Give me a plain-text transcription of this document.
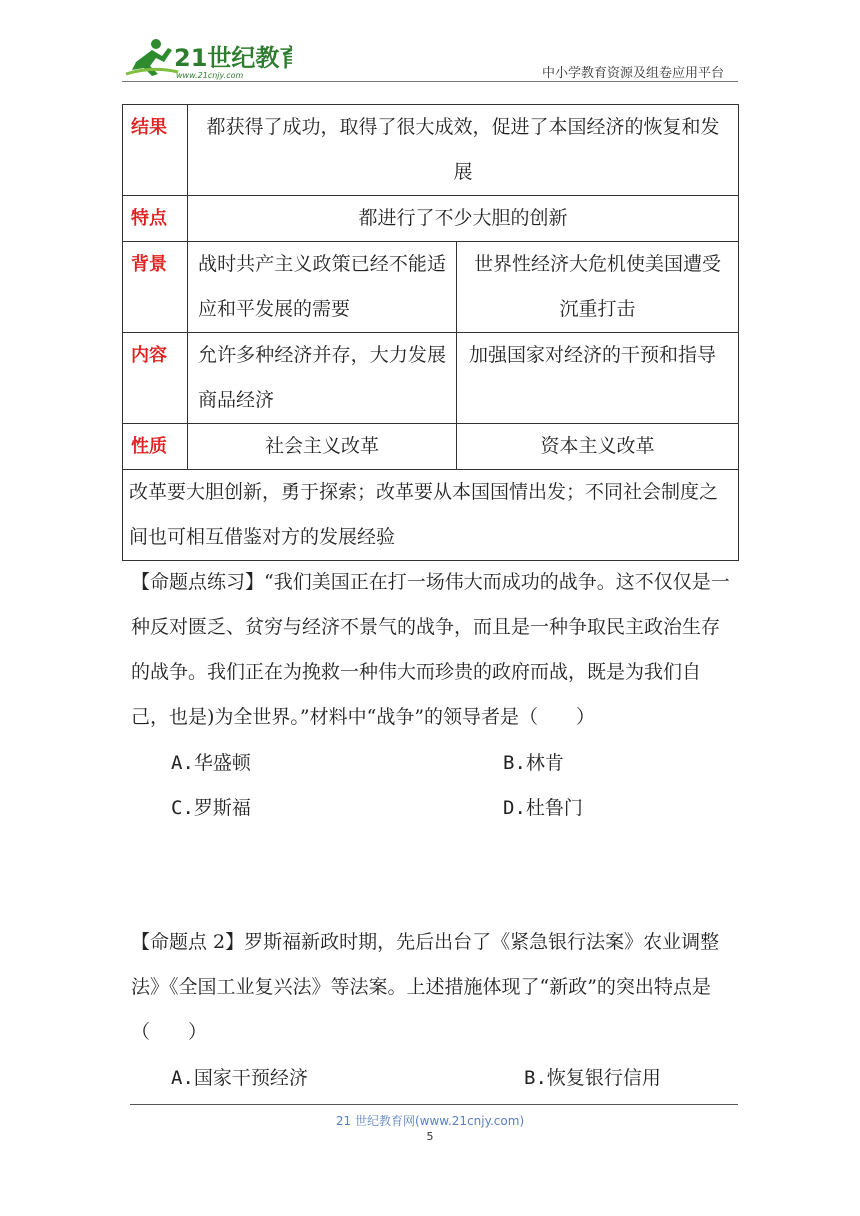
21世纪教育
www.21cnjy.com	中小学教育资源及组卷应用平台
结果	都获得了成功，取得了很大成效，促进了本国经济的恢复和发展	
特点	都进行了不少大胆的创新	
背景	战时共产主义政策已经不能适应和平发展的需要	世界性经济大危机使美国遭受沉重打击
内容	允许多种经济并存，大力发展商品经济	加强国家对经济的干预和指导
性质	社会主义改革	资本主义改革
改革要大胆创新，勇于探索；改革要从本国国情出发；不同社会制度之间也可相互借鉴对方的发展经验		
【命题点练习】“我们美国正在打一场伟大而成功的战争。这不仅仅是一种反对匮乏、贫穷与经济不景气的战争，而且是一种争取民主政治生存的战争。我们正在为挽救一种伟大而珍贵的政府而战，既是为我们自己，也是)为全世界。”材料中“战争”的领导者是（　　）
A.华盛顿	B.林肯
C.罗斯福	D.杜鲁门
【命题点 2】罗斯福新政时期，先后出台了《紧急银行法案》农业调整法》《全国工业复兴法》等法案。上述措施体现了“新政”的突出特点是（　　）
A.国家干预经济	B.恢复银行信用
21 世纪教育网(www.21cnjy.com)
5
